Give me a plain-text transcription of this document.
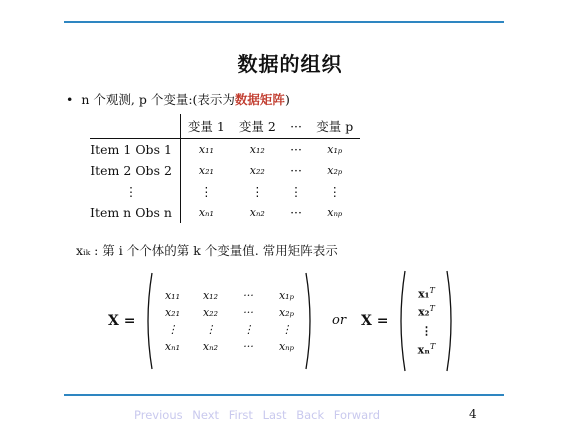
数据的组织
• n 个观测, p 个变量:(表示为数据矩阵)
	变量 1	变量 2	···	变量 p
Item 1 Obs 1	x₁₁	x₁₂	···	x₁ₚ
Item 2 Obs 2	x₂₁	x₂₂	···	x₂ₚ
⋮	⋮	⋮	⋮	⋮
Item n Obs n	xₙ₁	xₙ₂	···	xₙₚ
xᵢₖ : 第 i 个个体的第 k 个变量值. 常用矩阵表示
X =
x₁₁	x₁₂	···	x₁ₚ
x₂₁	x₂₂	···	x₂ₚ
⋮	⋮	⋮	⋮
xₙ₁	xₙ₂	···	xₙₚ
or X =
x₁$^T$
x₂$^T$
⋮
xₙ$^T$
Previous Next First Last Back Forward	4
